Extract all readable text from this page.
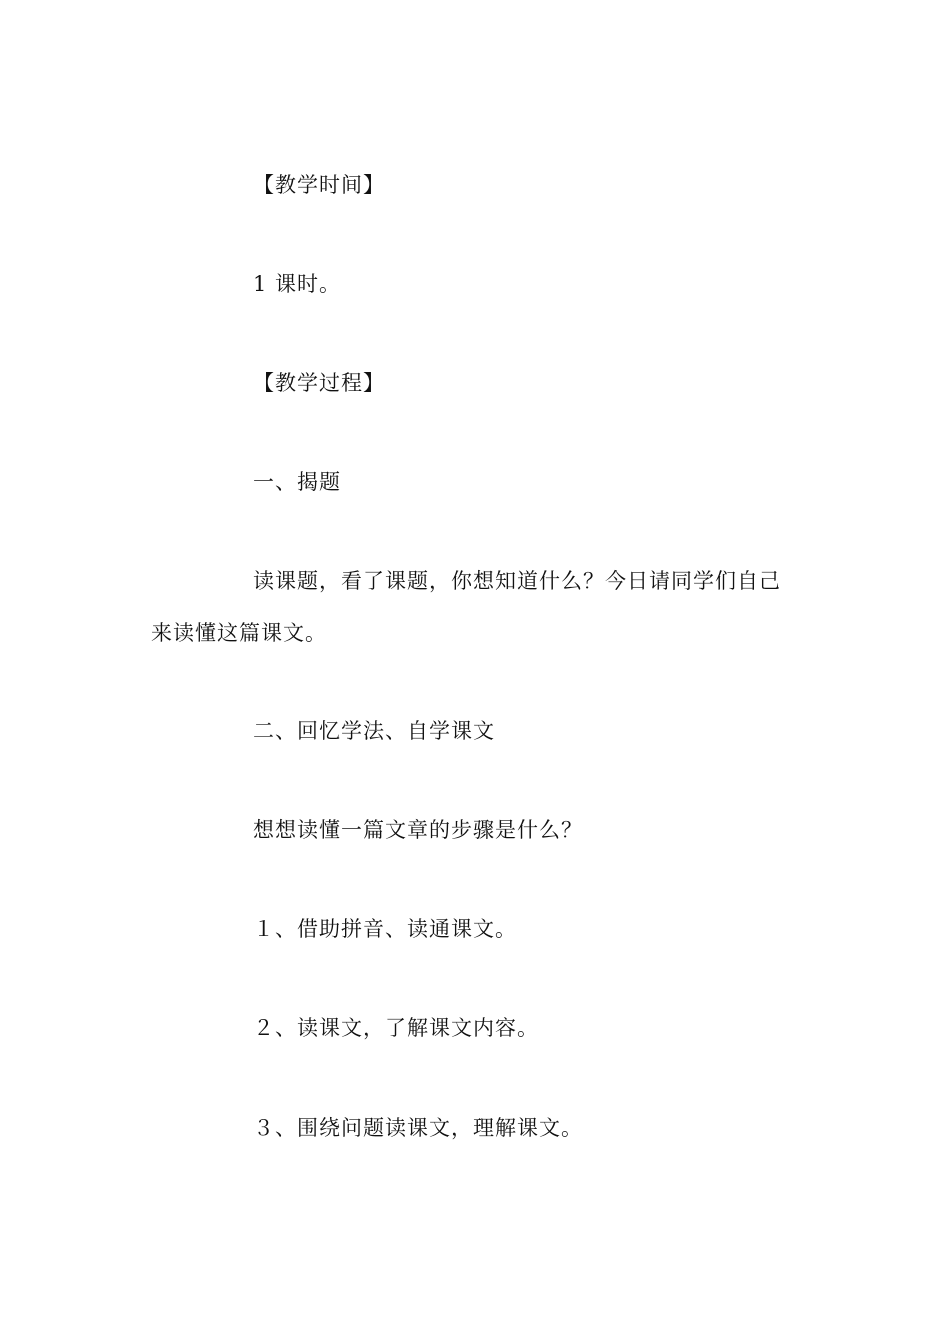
【教学时间】
1 课时。
【教学过程】
一、揭题
读课题，看了课题，你想知道什么？今日请同学们自己
来读懂这篇课文。
二、回忆学法、自学课文
想想读懂一篇文章的步骤是什么？
１、借助拼音、读通课文。
２、读课文，了解课文内容。
３、围绕问题读课文，理解课文。
